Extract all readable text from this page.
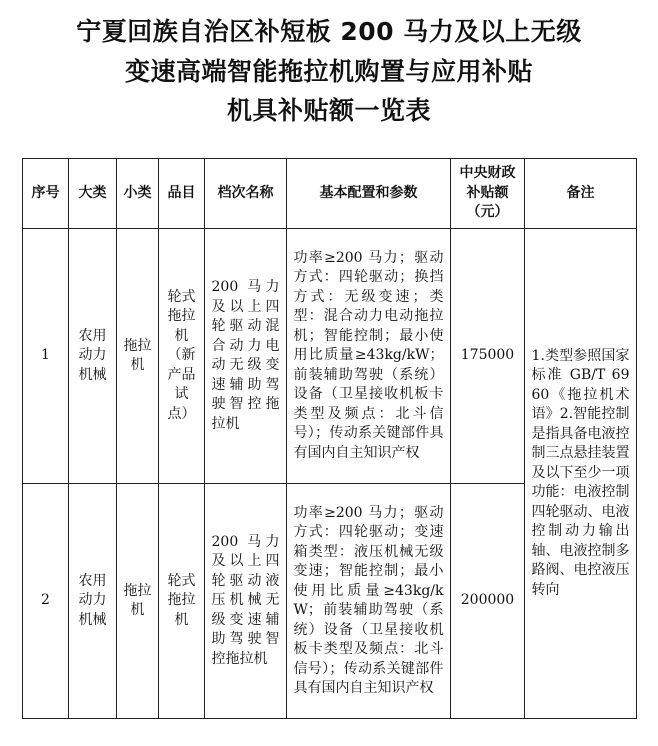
宁夏回族自治区补短板 200 马力及以上无级
变速高端智能拖拉机购置与应用补贴
机具补贴额一览表
序号	大类	小类	品目	档次名称	基本配置和参数	中央财政补贴额（元）	备注

1	农用动力机械	拖拉机	轮式拖拉机（新产品试点）	200 马力及以上四轮驱动混合动力电动无级变速辅助驾驶智控拖拉机	功率≥200 马力；驱动方式：四轮驱动；换挡方式：无级变速；类型：混合动力电动拖拉机；智能控制；最小使用比质量≥43kg/kW；前装辅助驾驶（系统）设备（卫星接收机板卡类型及频点：北斗信号）；传动系关键部件具有国内自主知识产权	175000	1.类型参照国家标准 GB/T 6960《拖拉机术语》2.智能控制是指具备电液控制三点悬挂装置及以下至少一项功能：电液控制四轮驱动、电液控制动力输出轴、电液控制多路阀、电控液压转向

2	农用动力机械	拖拉机	轮式拖拉机	200 马力及以上四轮驱动液压机械无级变速辅助驾驶智控拖拉机	功率≥200 马力；驱动方式：四轮驱动；变速箱类型：液压机械无级变速；智能控制；最小使用比质量≥43kg/kW；前装辅助驾驶（系统）设备（卫星接收机板卡类型及频点：北斗信号）；传动系关键部件具有国内自主知识产权	200000	
